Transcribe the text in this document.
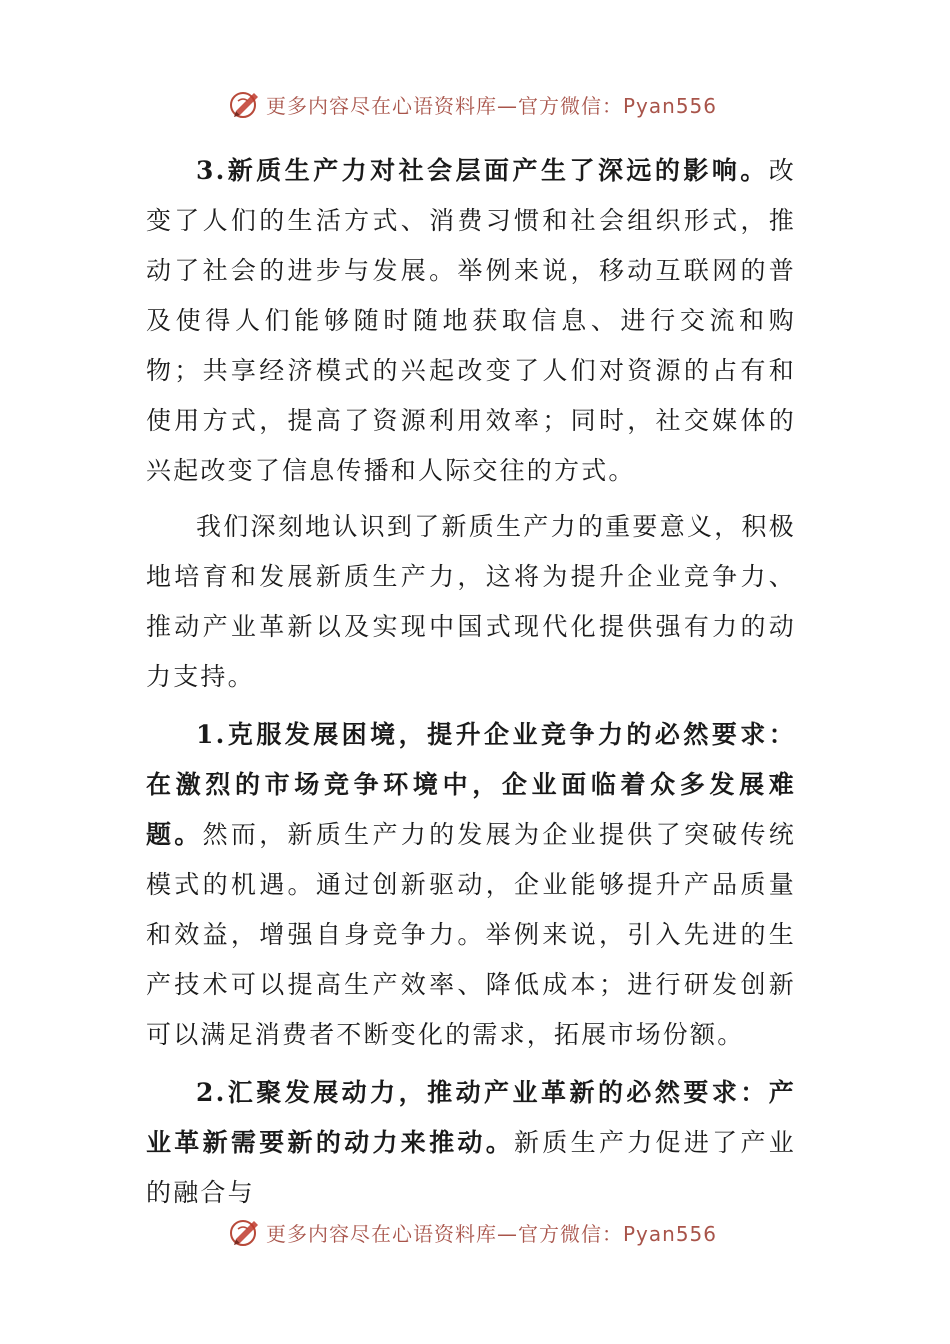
更多内容尽在心语资料库—官方微信：Pyan556

3.新质生产力对社会层面产生了深远的影响。改变了人们的生活方式、消费习惯和社会组织形式，推动了社会的进步与发展。举例来说，移动互联网的普及使得人们能够随时随地获取信息、进行交流和购物；共享经济模式的兴起改变了人们对资源的占有和使用方式，提高了资源利用效率；同时，社交媒体的兴起改变了信息传播和人际交往的方式。

我们深刻地认识到了新质生产力的重要意义，积极地培育和发展新质生产力，这将为提升企业竞争力、推动产业革新以及实现中国式现代化提供强有力的动力支持。

1.克服发展困境，提升企业竞争力的必然要求：在激烈的市场竞争环境中，企业面临着众多发展难题。然而，新质生产力的发展为企业提供了突破传统模式的机遇。通过创新驱动，企业能够提升产品质量和效益，增强自身竞争力。举例来说，引入先进的生产技术可以提高生产效率、降低成本；进行研发创新可以满足消费者不断变化的需求，拓展市场份额。

2.汇聚发展动力，推动产业革新的必然要求：产业革新需要新的动力来推动。新质生产力促进了产业的融合与

更多内容尽在心语资料库—官方微信：Pyan556
